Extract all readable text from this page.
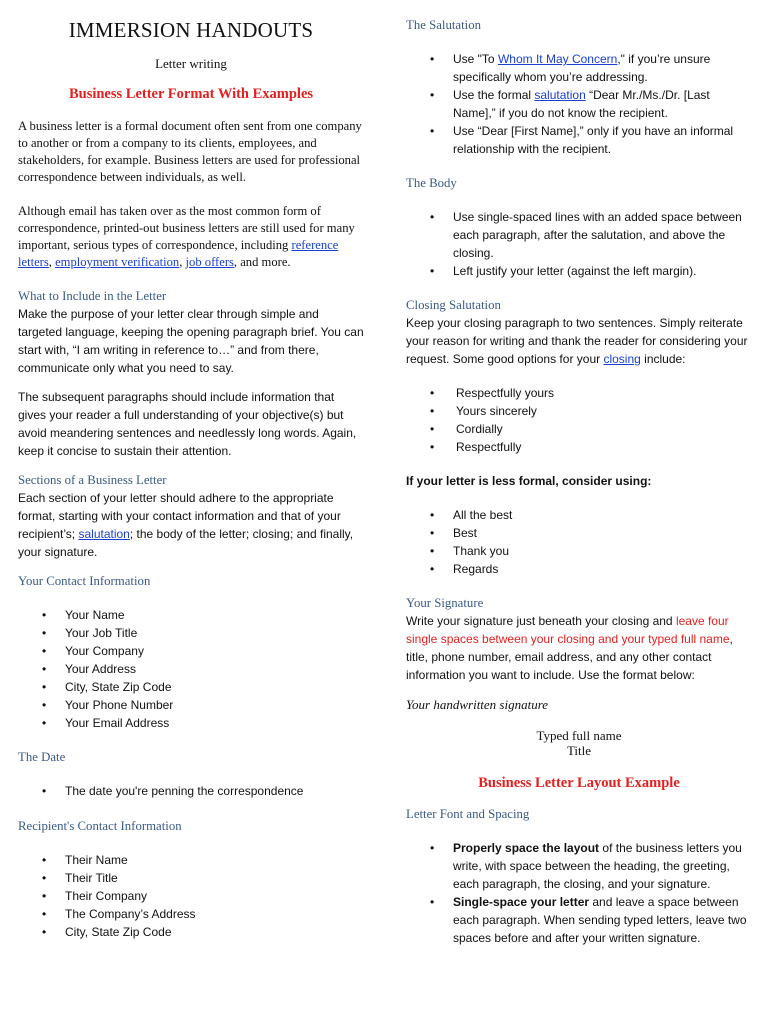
IMMERSION HANDOUTS
Letter writing
Business Letter Format With Examples

A business letter is a formal document often sent from one company to another or from a company to its clients, employees, and stakeholders, for example. Business letters are used for professional correspondence between individuals, as well.

Although email has taken over as the most common form of correspondence, printed-out business letters are still used for many important, serious types of correspondence, including reference letters, employment verification, job offers, and more.

What to Include in the Letter

Make the purpose of your letter clear through simple and targeted language, keeping the opening paragraph brief. You can start with, “I am writing in reference to…” and from there, communicate only what you need to say.

The subsequent paragraphs should include information that gives your reader a full understanding of your objective(s) but avoid meandering sentences and needlessly long words. Again, keep it concise to sustain their attention.

Sections of a Business Letter

Each section of your letter should adhere to the appropriate format, starting with your contact information and that of your recipient’s; salutation; the body of the letter; closing; and finally, your signature.

Your Contact Information
• Your Name
• Your Job Title
• Your Company
• Your Address
• City, State Zip Code
• Your Phone Number
• Your Email Address
The Date
• The date you're penning the correspondence
Recipient's Contact Information
• Their Name
• Their Title
• Their Company
• The Company’s Address
• City, State Zip Code
The Salutation
• Use "To Whom It May Concern," if you’re unsure specifically whom you’re addressing.
• Use the formal salutation “Dear Mr./Ms./Dr. [Last Name],” if you do not know the recipient.
• Use “Dear [First Name],” only if you have an informal relationship with the recipient.
The Body
• Use single-spaced lines with an added space between each paragraph, after the salutation, and above the closing.
• Left justify your letter (against the left margin).
Closing Salutation

Keep your closing paragraph to two sentences. Simply reiterate your reason for writing and thank the reader for considering your request. Some good options for your closing include:

• Respectfully yours
• Yours sincerely
• Cordially
• Respectfully

If your letter is less formal, consider using:

• All the best
• Best
• Thank you
• Regards
Your Signature

Write your signature just beneath your closing and leave four single spaces between your closing and your typed full name, title, phone number, email address, and any other contact information you want to include. Use the format below:

Your handwritten signature

Typed full name

Title

Business Letter Layout Example
Letter Font and Spacing
• Properly space the layout of the business letters you write, with space between the heading, the greeting, each paragraph, the closing, and your signature.
• Single-space your letter and leave a space between each paragraph. When sending typed letters, leave two spaces before and after your written signature.
